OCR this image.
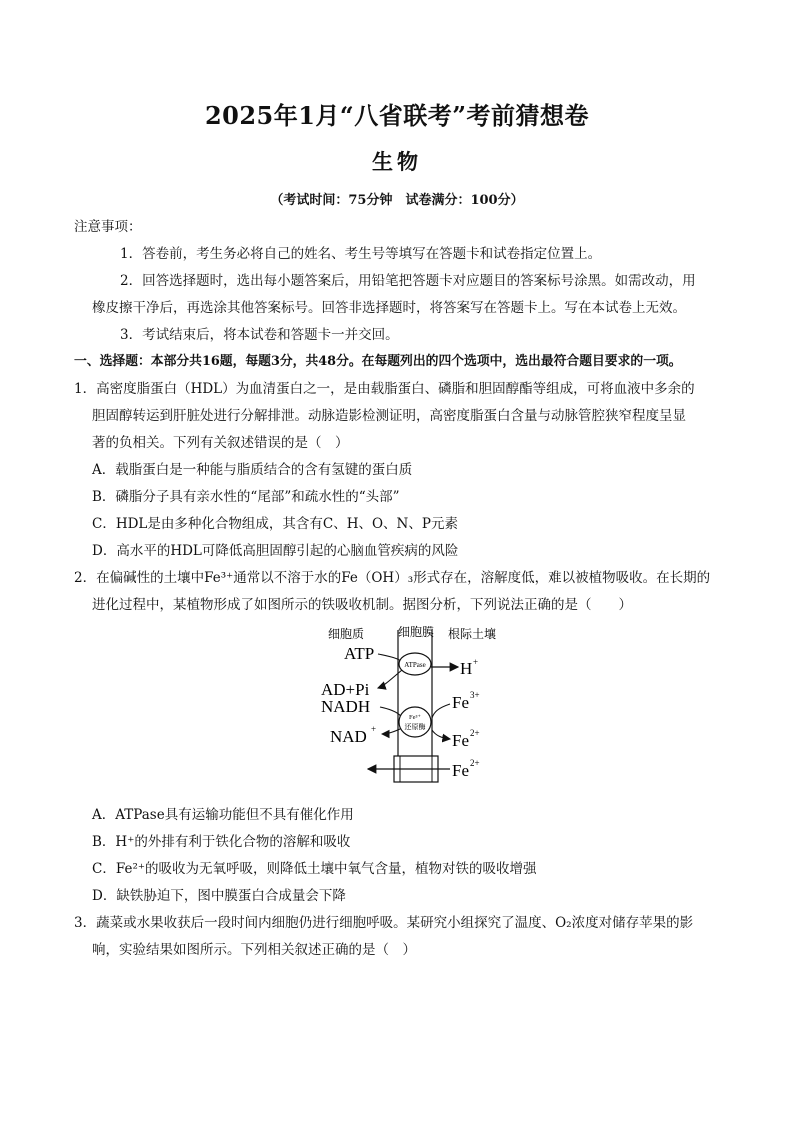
2025年1月“八省联考”考前猜想卷
生物
（考试时间：75分钟　试卷满分：100分）
注意事项：
1．答卷前，考生务必将自己的姓名、考生号等填写在答题卡和试卷指定位置上。
2．回答选择题时，选出每小题答案后，用铅笔把答题卡对应题目的答案标号涂黑。如需改动，用
橡皮擦干净后，再选涂其他答案标号。回答非选择题时，将答案写在答题卡上。写在本试卷上无效。
3．考试结束后，将本试卷和答题卡一并交回。
一、选择题：本部分共16题，每题3分，共48分。在每题列出的四个选项中，选出最符合题目要求的一项。
1．高密度脂蛋白（HDL）为血清蛋白之一，是由载脂蛋白、磷脂和胆固醇酯等组成，可将血液中多余的
胆固醇转运到肝脏处进行分解排泄。动脉造影检测证明，高密度脂蛋白含量与动脉管腔狭窄程度呈显
著的负相关。下列有关叙述错误的是（　）
A．载脂蛋白是一种能与脂质结合的含有氢键的蛋白质
B．磷脂分子具有亲水性的“尾部”和疏水性的“头部”
C．HDL是由多种化合物组成，其含有C、H、O、N、P元素
D．高水平的HDL可降低高胆固醇引起的心脑血管疾病的风险
2．在偏碱性的土壤中Fe³⁺通常以不溶于水的Fe（OH）₃形式存在，溶解度低，难以被植物吸收。在长期的
进化过程中，某植物形成了如图所示的铁吸收机制。据图分析，下列说法正确的是（　　）
细胞质	细胞膜 根际土壤
ATP
ATPase H +
AD+Pi
NADH
NAD +
Fe³⁺
还原酶
Fe 3+
Fe 2+
Fe 2+
A．ATPase具有运输功能但不具有催化作用
B．H⁺的外排有利于铁化合物的溶解和吸收
C．Fe²⁺的吸收为无氧呼吸，则降低土壤中氧气含量，植物对铁的吸收增强
D．缺铁胁迫下，图中膜蛋白合成量会下降
3．蔬菜或水果收获后一段时间内细胞仍进行细胞呼吸。某研究小组探究了温度、O₂浓度对储存苹果的影
响，实验结果如图所示。下列相关叙述正确的是（　）
